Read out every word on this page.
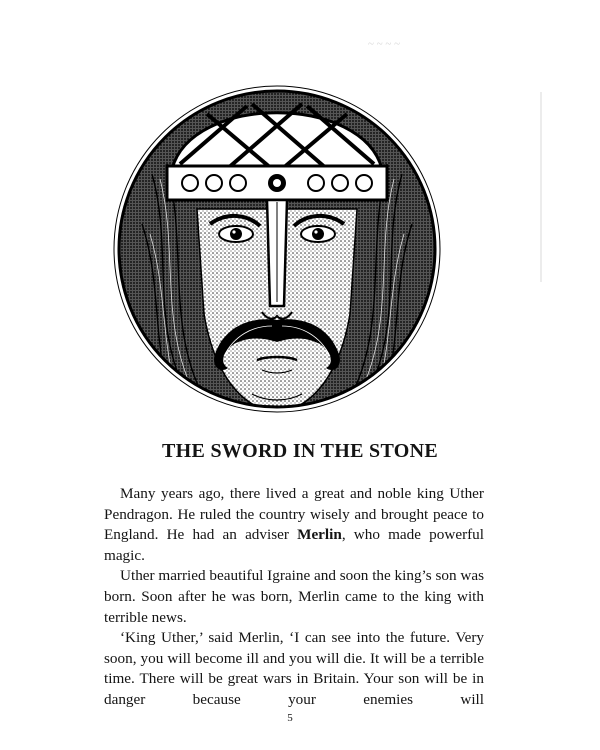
~ ~ ~ ~
THE SWORD IN THE STONE

Many years ago, there lived a great and noble king Uther Pendragon. He ruled the country wisely and brought peace to England. He had an adviser Merlin, who made powerful magic.

Uther married beautiful Igraine and soon the king’s son was born. Soon after he was born, Merlin came to the king with terrible news.

‘King Uther,’ said Merlin, ‘I can see into the future. Very soon, you will become ill and you will die. It will be a terrible time. There will be great wars in Britain. Your son will be in danger because your enemies will

5
